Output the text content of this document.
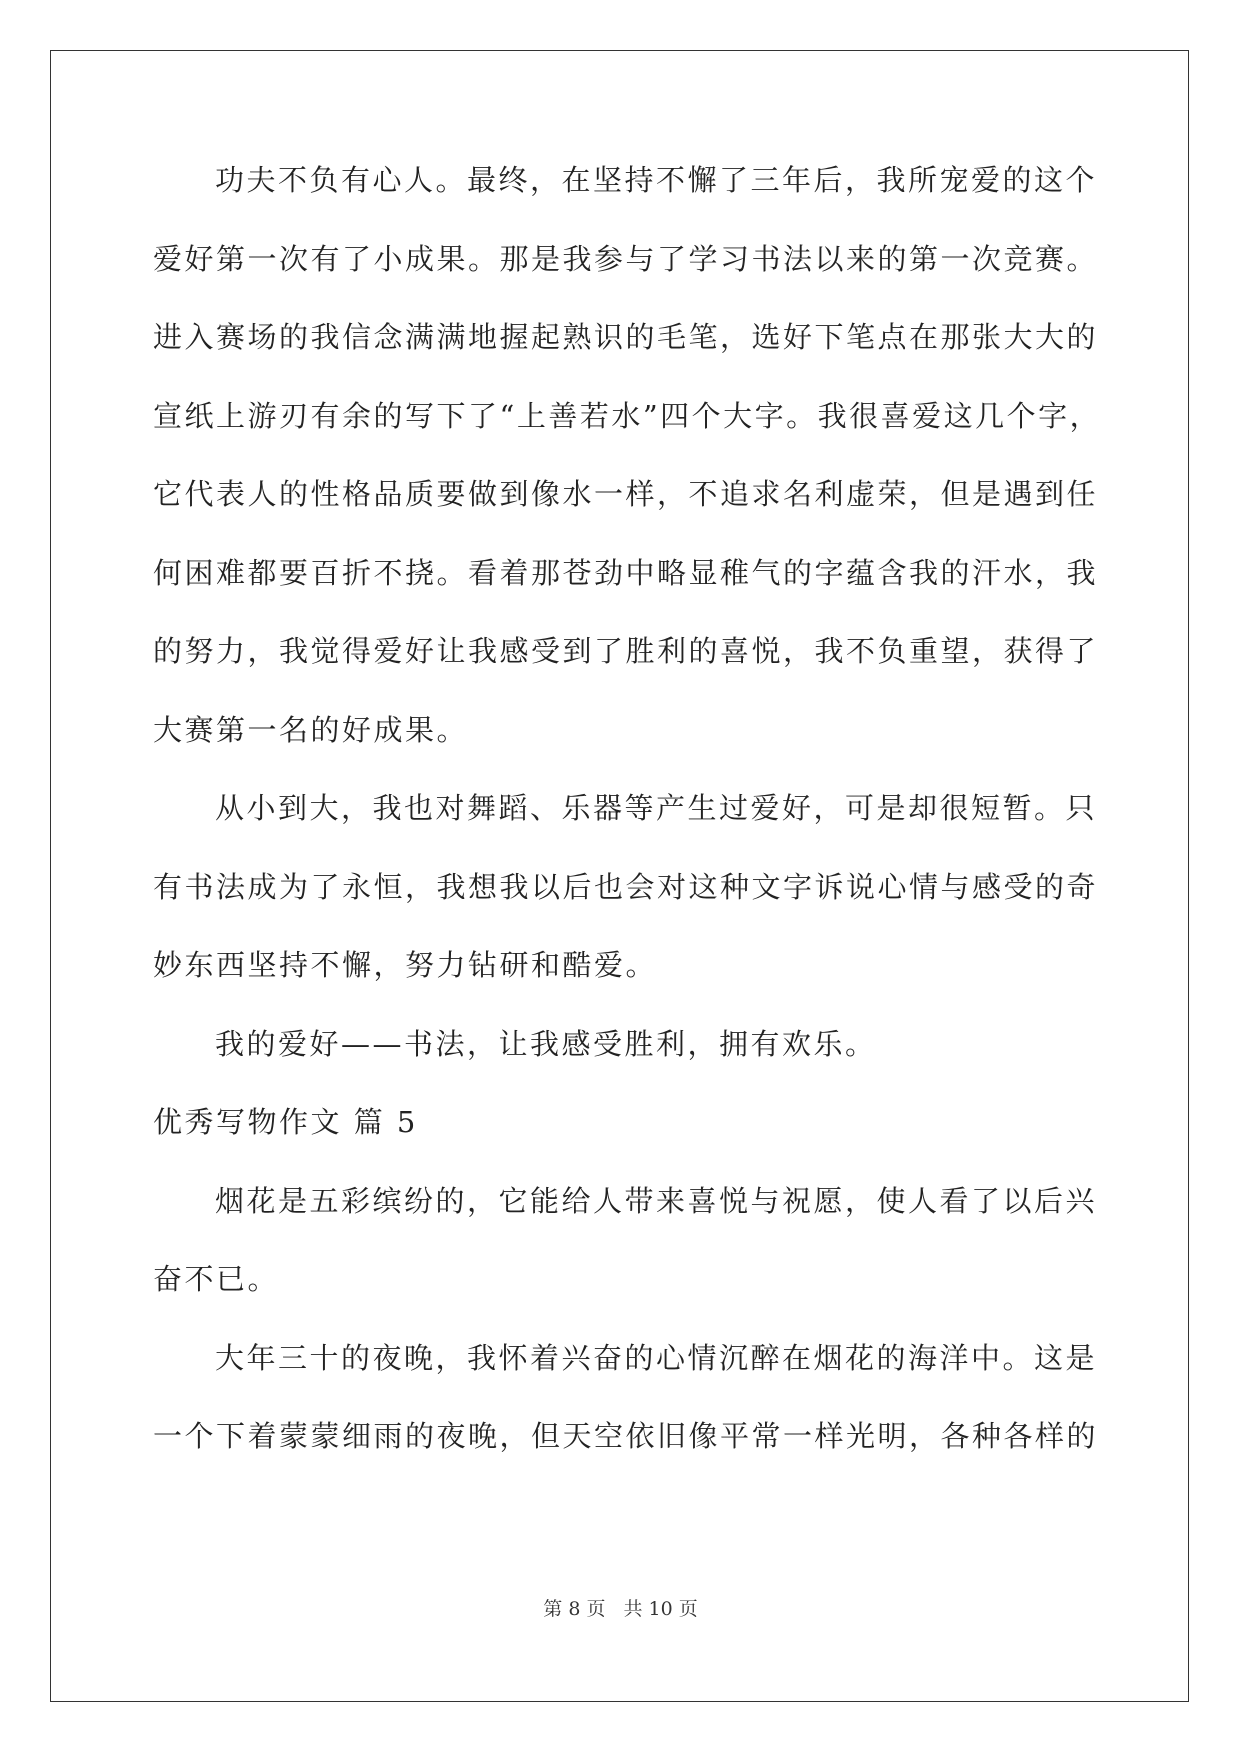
功夫不负有心人。最终，在坚持不懈了三年后，我所宠爱的这个
爱好第一次有了小成果。那是我参与了学习书法以来的第一次竞赛。
进入赛场的我信念满满地握起熟识的毛笔，选好下笔点在那张大大的
宣纸上游刃有余的写下了“上善若水”四个大字。我很喜爱这几个字，
它代表人的性格品质要做到像水一样，不追求名利虚荣，但是遇到任
何困难都要百折不挠。看着那苍劲中略显稚气的字蕴含我的汗水，我
的努力，我觉得爱好让我感受到了胜利的喜悦，我不负重望，获得了
大赛第一名的好成果。
从小到大，我也对舞蹈、乐器等产生过爱好，可是却很短暂。只
有书法成为了永恒，我想我以后也会对这种文字诉说心情与感受的奇
妙东西坚持不懈，努力钻研和酷爱。
我的爱好——书法，让我感受胜利，拥有欢乐。
优秀写物作文 篇 5
烟花是五彩缤纷的，它能给人带来喜悦与祝愿，使人看了以后兴
奋不已。
大年三十的夜晚，我怀着兴奋的心情沉醉在烟花的海洋中。这是
一个下着蒙蒙细雨的夜晚，但天空依旧像平常一样光明，各种各样的
第 8 页 共 10 页
